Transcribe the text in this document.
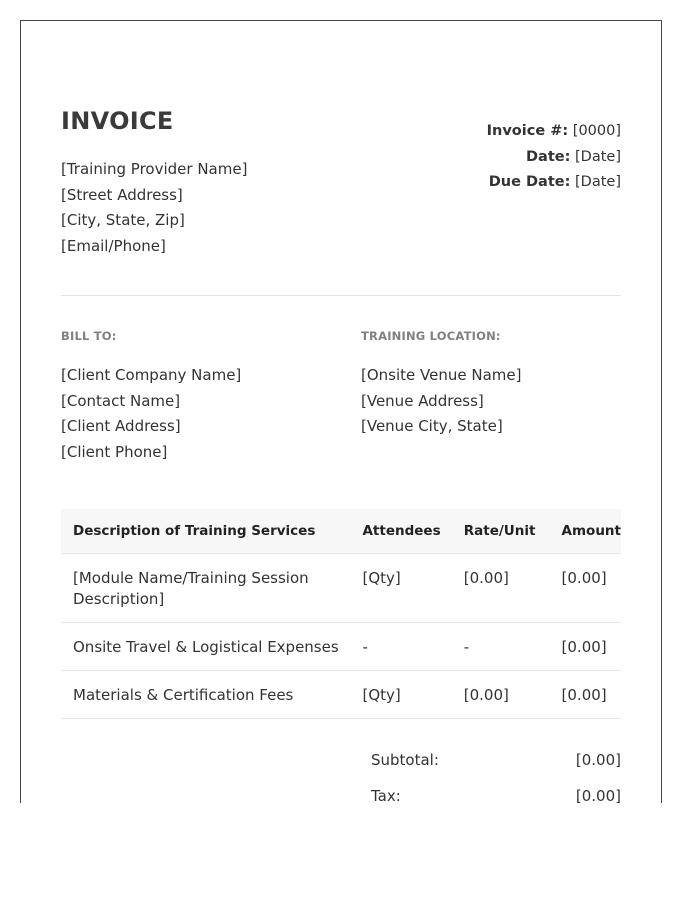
INVOICE
[Training Provider Name]
[Street Address]
[City, State, Zip]
[Email/Phone]
Invoice #: [0000]
Date: [Date]
Due Date: [Date]
BILL TO:
[Client Company Name]
[Contact Name]
[Client Address]
[Client Phone]
TRAINING LOCATION:
[Onsite Venue Name]
[Venue Address]
[Venue City, State]
Description of Training Services	Attendees	Rate/Unit	Amount
[Module Name/Training Session Description]	[Qty]	[0.00]	[0.00]
Onsite Travel & Logistical Expenses	-	-	[0.00]
Materials & Certification Fees	[Qty]	[0.00]	[0.00]
Subtotal:	[0.00]
Tax:	[0.00]
